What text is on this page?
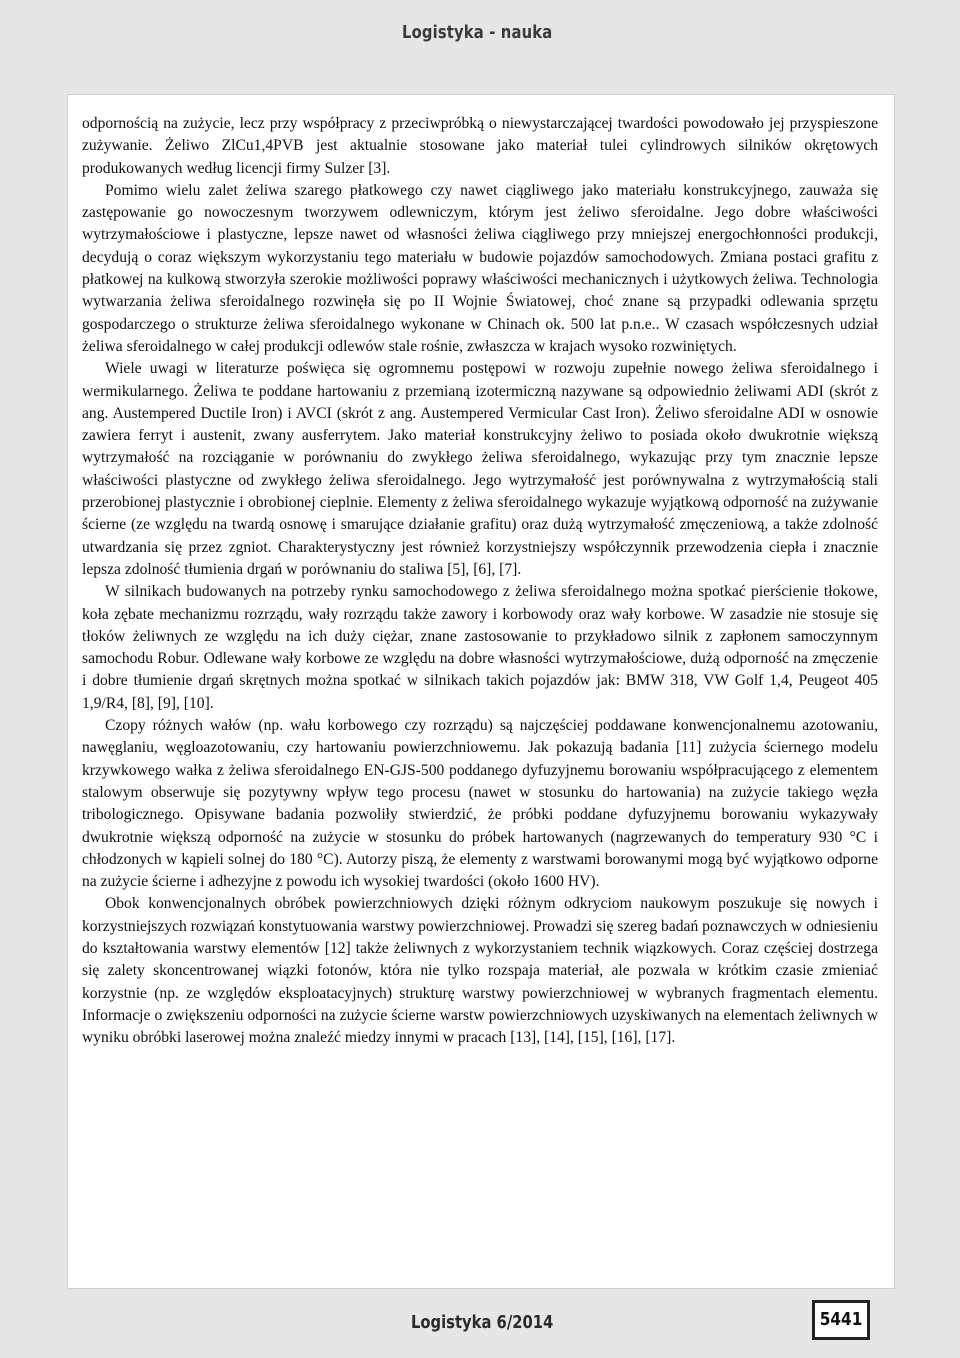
Logistyka - nauka

odpornością na zużycie, lecz przy współpracy z przeciwpróbką o niewystarczającej twardości powodowało jej przyspieszone zużywanie. Żeliwo ZlCu1,4PVB jest aktualnie stosowane jako materiał tulei cylindrowych silników okrętowych produkowanych według licencji firmy Sulzer [3].

Pomimo wielu zalet żeliwa szarego płatkowego czy nawet ciągliwego jako materiału konstrukcyjnego, zauważa się zastępowanie go nowoczesnym tworzywem odlewniczym, którym jest żeliwo sferoidalne. Jego dobre właściwości wytrzymałościowe i plastyczne, lepsze nawet od własności żeliwa ciągliwego przy mniejszej energochłonności produkcji, decydują o coraz większym wykorzystaniu tego materiału w budowie pojazdów samochodowych. Zmiana postaci grafitu z płatkowej na kulkową stworzyła szerokie możliwości poprawy właściwości mechanicznych i użytkowych żeliwa. Technologia wytwarzania żeliwa sferoidalnego rozwinęła się po II Wojnie Światowej, choć znane są przypadki odlewania sprzętu gospodarczego o strukturze żeliwa sferoidalnego wykonane w Chinach ok. 500 lat p.n.e.. W czasach współczesnych udział żeliwa sferoidalnego w całej produkcji odlewów stale rośnie, zwłaszcza w krajach wysoko rozwiniętych.

Wiele uwagi w literaturze poświęca się ogromnemu postępowi w rozwoju zupełnie nowego żeliwa sferoidalnego i wermikularnego. Żeliwa te poddane hartowaniu z przemianą izotermiczną nazywane są odpowiednio żeliwami ADI (skrót z ang. Austempered Ductile Iron) i AVCI (skrót z ang. Austempered Vermicular Cast Iron). Żeliwo sferoidalne ADI w osnowie zawiera ferryt i austenit, zwany ausferrytem. Jako materiał konstrukcyjny żeliwo to posiada około dwukrotnie większą wytrzymałość na rozciąganie w porównaniu do zwykłego żeliwa sferoidalnego, wykazując przy tym znacznie lepsze właściwości plastyczne od zwykłego żeliwa sferoidalnego. Jego wytrzymałość jest porównywalna z wytrzymałością stali przerobionej plastycznie i obrobionej cieplnie. Elementy z żeliwa sferoidalnego wykazuje wyjątkową odporność na zużywanie ścierne (ze względu na twardą osnowę i smarujące działanie grafitu) oraz dużą wytrzymałość zmęczeniową, a także zdolność utwardzania się przez zgniot. Charakterystyczny jest również korzystniejszy współczynnik przewodzenia ciepła i znacznie lepsza zdolność tłumienia drgań w porównaniu do staliwa [5], [6], [7].

W silnikach budowanych na potrzeby rynku samochodowego z żeliwa sferoidalnego można spotkać pierścienie tłokowe, koła zębate mechanizmu rozrządu, wały rozrządu także zawory i korbowody oraz wały korbowe. W zasadzie nie stosuje się tłoków żeliwnych ze względu na ich duży ciężar, znane zastosowanie to przykładowo silnik z zapłonem samoczynnym samochodu Robur. Odlewane wały korbowe ze względu na dobre własności wytrzymałościowe, dużą odporność na zmęczenie i dobre tłumienie drgań skrętnych można spotkać w silnikach takich pojazdów jak: BMW 318, VW Golf 1,4, Peugeot 405 1,9/R4, [8], [9], [10].

Czopy różnych wałów (np. wału korbowego czy rozrządu) są najczęściej poddawane konwencjonalnemu azotowaniu, nawęglaniu, węgloazotowaniu, czy hartowaniu powierzchniowemu. Jak pokazują badania [11] zużycia ściernego modelu krzywkowego wałka z żeliwa sferoidalnego EN-GJS-500 poddanego dyfuzyjnemu borowaniu współpracującego z elementem stalowym obserwuje się pozytywny wpływ tego procesu (nawet w stosunku do hartowania) na zużycie takiego węzła tribologicznego. Opisywane badania pozwoliły stwierdzić, że próbki poddane dyfuzyjnemu borowaniu wykazywały dwukrotnie większą odporność na zużycie w stosunku do próbek hartowanych (nagrzewanych do temperatury 930 °C i chłodzonych w kąpieli solnej do 180 °C). Autorzy piszą, że elementy z warstwami borowanymi mogą być wyjątkowo odporne na zużycie ścierne i adhezyjne z powodu ich wysokiej twardości (około 1600 HV).

Obok konwencjonalnych obróbek powierzchniowych dzięki różnym odkryciom naukowym poszukuje się nowych i korzystniejszych rozwiązań konstytuowania warstwy powierzchniowej. Prowadzi się szereg badań poznawczych w odniesieniu do kształtowania warstwy elementów [12] także żeliwnych z wykorzystaniem technik wiązkowych. Coraz częściej dostrzega się zalety skoncentrowanej wiązki fotonów, która nie tylko rozspaja materiał, ale pozwala w krótkim czasie zmieniać korzystnie (np. ze względów eksploatacyjnych) strukturę warstwy powierzchniowej w wybranych fragmentach elementu. Informacje o zwiększeniu odporności na zużycie ścierne warstw powierzchniowych uzyskiwanych na elementach żeliwnych w wyniku obróbki laserowej można znaleźć miedzy innymi w pracach [13], [14], [15], [16], [17].

Logistyka 6/2014	5441
